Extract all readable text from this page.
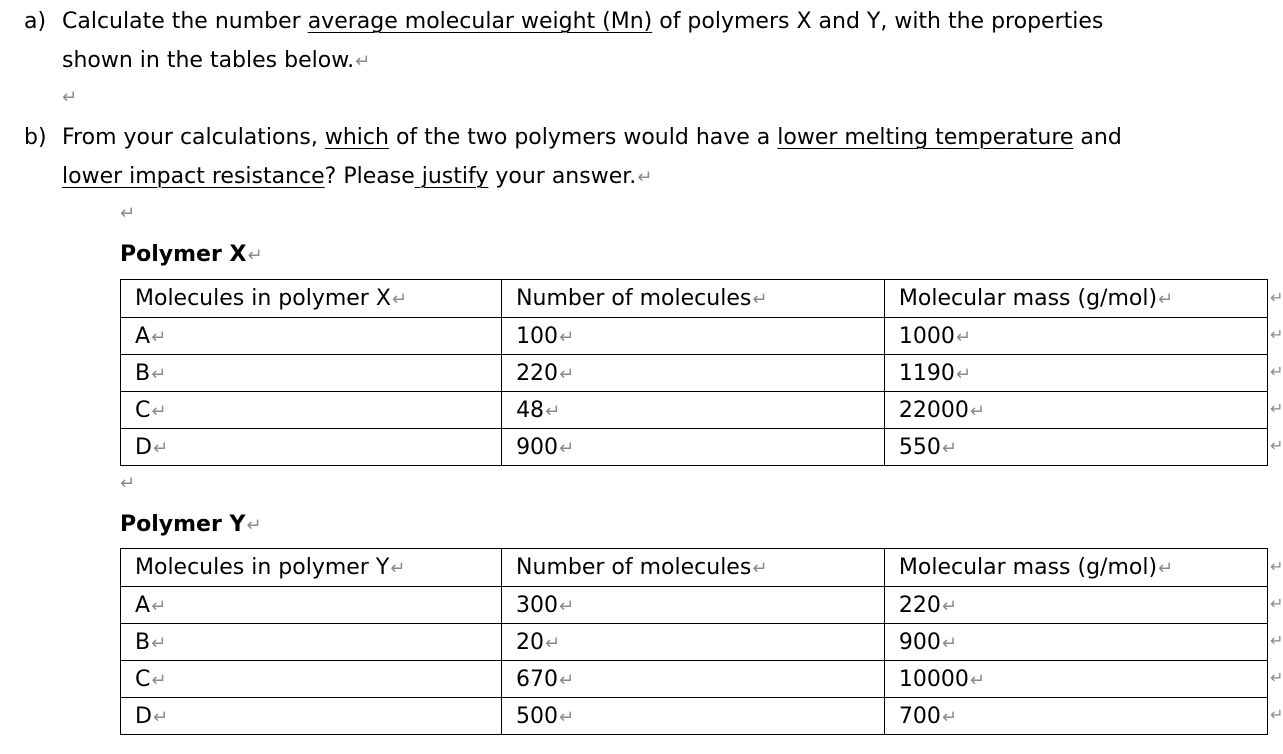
a) Calculate the number average molecular weight (Mn) of polymers X and Y, with the properties
shown in the tables below.↵
↵
b) From your calculations, which of the two polymers would have a lower melting temperature and
lower impact resistance? Please justify your answer.↵
↵
Polymer X↵
Molecules in polymer X↵	Number of molecules↵	Molecular mass (g/mol)↵
A↵	100↵	1000↵
B↵	220↵	1190↵
C↵	48↵	22000↵
D↵	900↵	550↵
↵
↵
↵
↵
↵
↵
Polymer Y↵
Molecules in polymer Y↵	Number of molecules↵	Molecular mass (g/mol)↵
A↵	300↵	220↵
B↵	20↵	900↵
C↵	670↵	10000↵
D↵	500↵	700↵
↵
↵
↵
↵
↵
